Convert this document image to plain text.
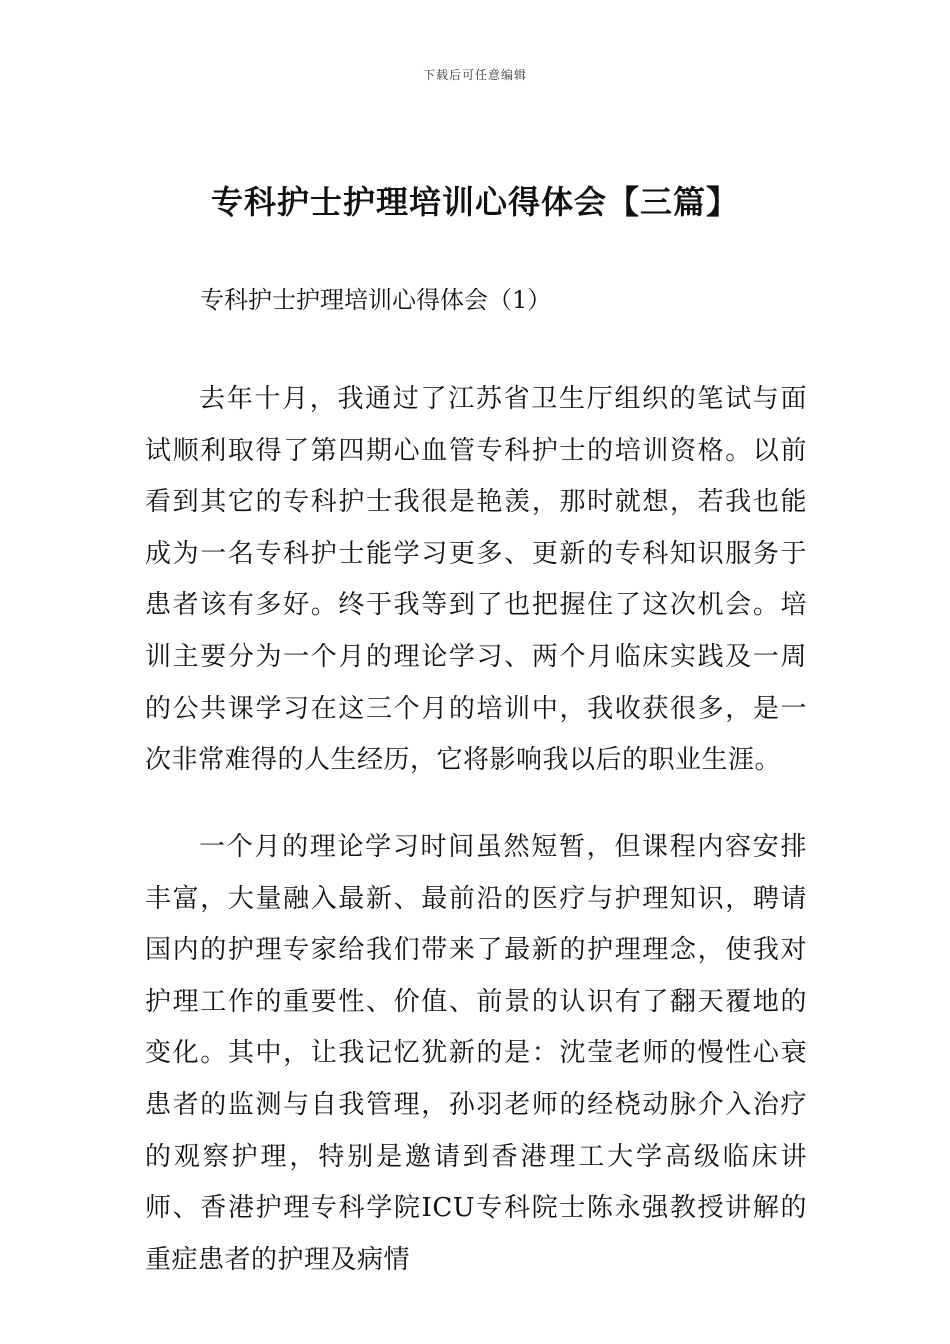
下载后可任意编辑
专科护士护理培训心得体会【三篇】

专科护士护理培训心得体会（1）

去年十月，我通过了江苏省卫生厅组织的笔试与面试顺利取得了第四期心血管专科护士的培训资格。以前看到其它的专科护士我很是艳羡，那时就想，若我也能成为一名专科护士能学习更多、更新的专科知识服务于患者该有多好。终于我等到了也把握住了这次机会。培训主要分为一个月的理论学习、两个月临床实践及一周的公共课学习在这三个月的培训中，我收获很多，是一次非常难得的人生经历，它将影响我以后的职业生涯。

一个月的理论学习时间虽然短暂，但课程内容安排丰富，大量融入最新、最前沿的医疗与护理知识，聘请国内的护理专家给我们带来了最新的护理理念，使我对护理工作的重要性、价值、前景的认识有了翻天覆地的变化。其中，让我记忆犹新的是：沈莹老师的慢性心衰患者的监测与自我管理，孙羽老师的经桡动脉介入治疗的观察护理，特别是邀请到香港理工大学高级临床讲师、香港护理专科学院ICU专科院士陈永强教授讲解的重症患者的护理及病情
